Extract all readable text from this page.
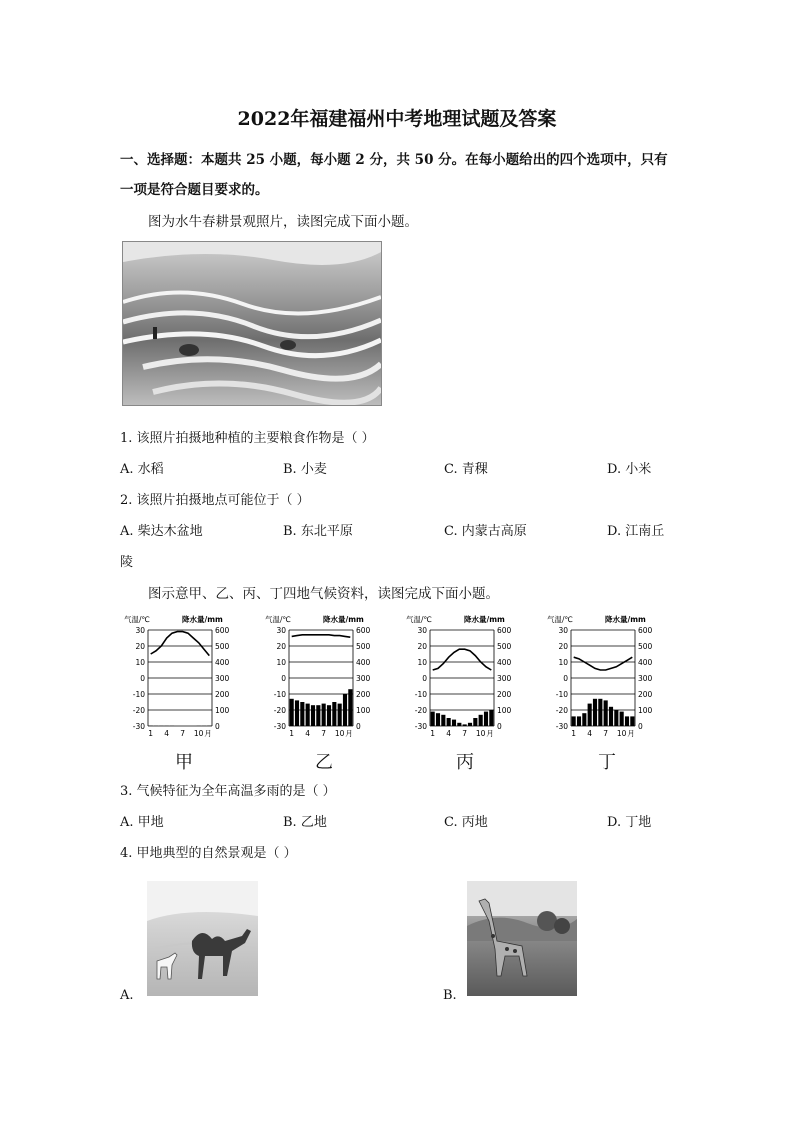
2022年福建福州中考地理试题及答案
一、选择题：本题共 25 小题，每小题 2 分，共 50 分。在每小题给出的四个选项中，只有
一项是符合题目要求的。
图为水牛春耕景观照片，读图完成下面小题。
1. 该照片拍摄地种植的主要粮食作物是（ ）
A. 水稻	B. 小麦	C. 青稞	D. 小米
2. 该照片拍摄地点可能位于（ ）
A. 柴达木盆地	B. 东北平原	C. 内蒙古高原	D. 江南丘
陵
图示意甲、乙、丙、丁四地气候资料，读图完成下面小题。
气温/℃	降水量/mm
30	600
20	500
10	400
0	300
-10	200
-20	100
-30	0
1 4 7 10 月
气温/℃	降水量/mm
30	600
20	500
10	400
0	300
-10	200
-20	100
-30	0
1 4 7 10 月
气温/℃	降水量/mm
30	600
20	500
10	400
0	300
-10	200
-20	100
-30	0
1 4 7 10 月
气温/℃	降水量/mm
30	600
20	500
10	400
0	300
-10	200
-20	100
-30	0
1 4 7 10 月
甲	乙	丙	丁
3. 气候特征为全年高温多雨的是（ ）
A. 甲地	B. 乙地	C. 丙地	D. 丁地
4. 甲地典型的自然景观是（ ）
A.	B.
